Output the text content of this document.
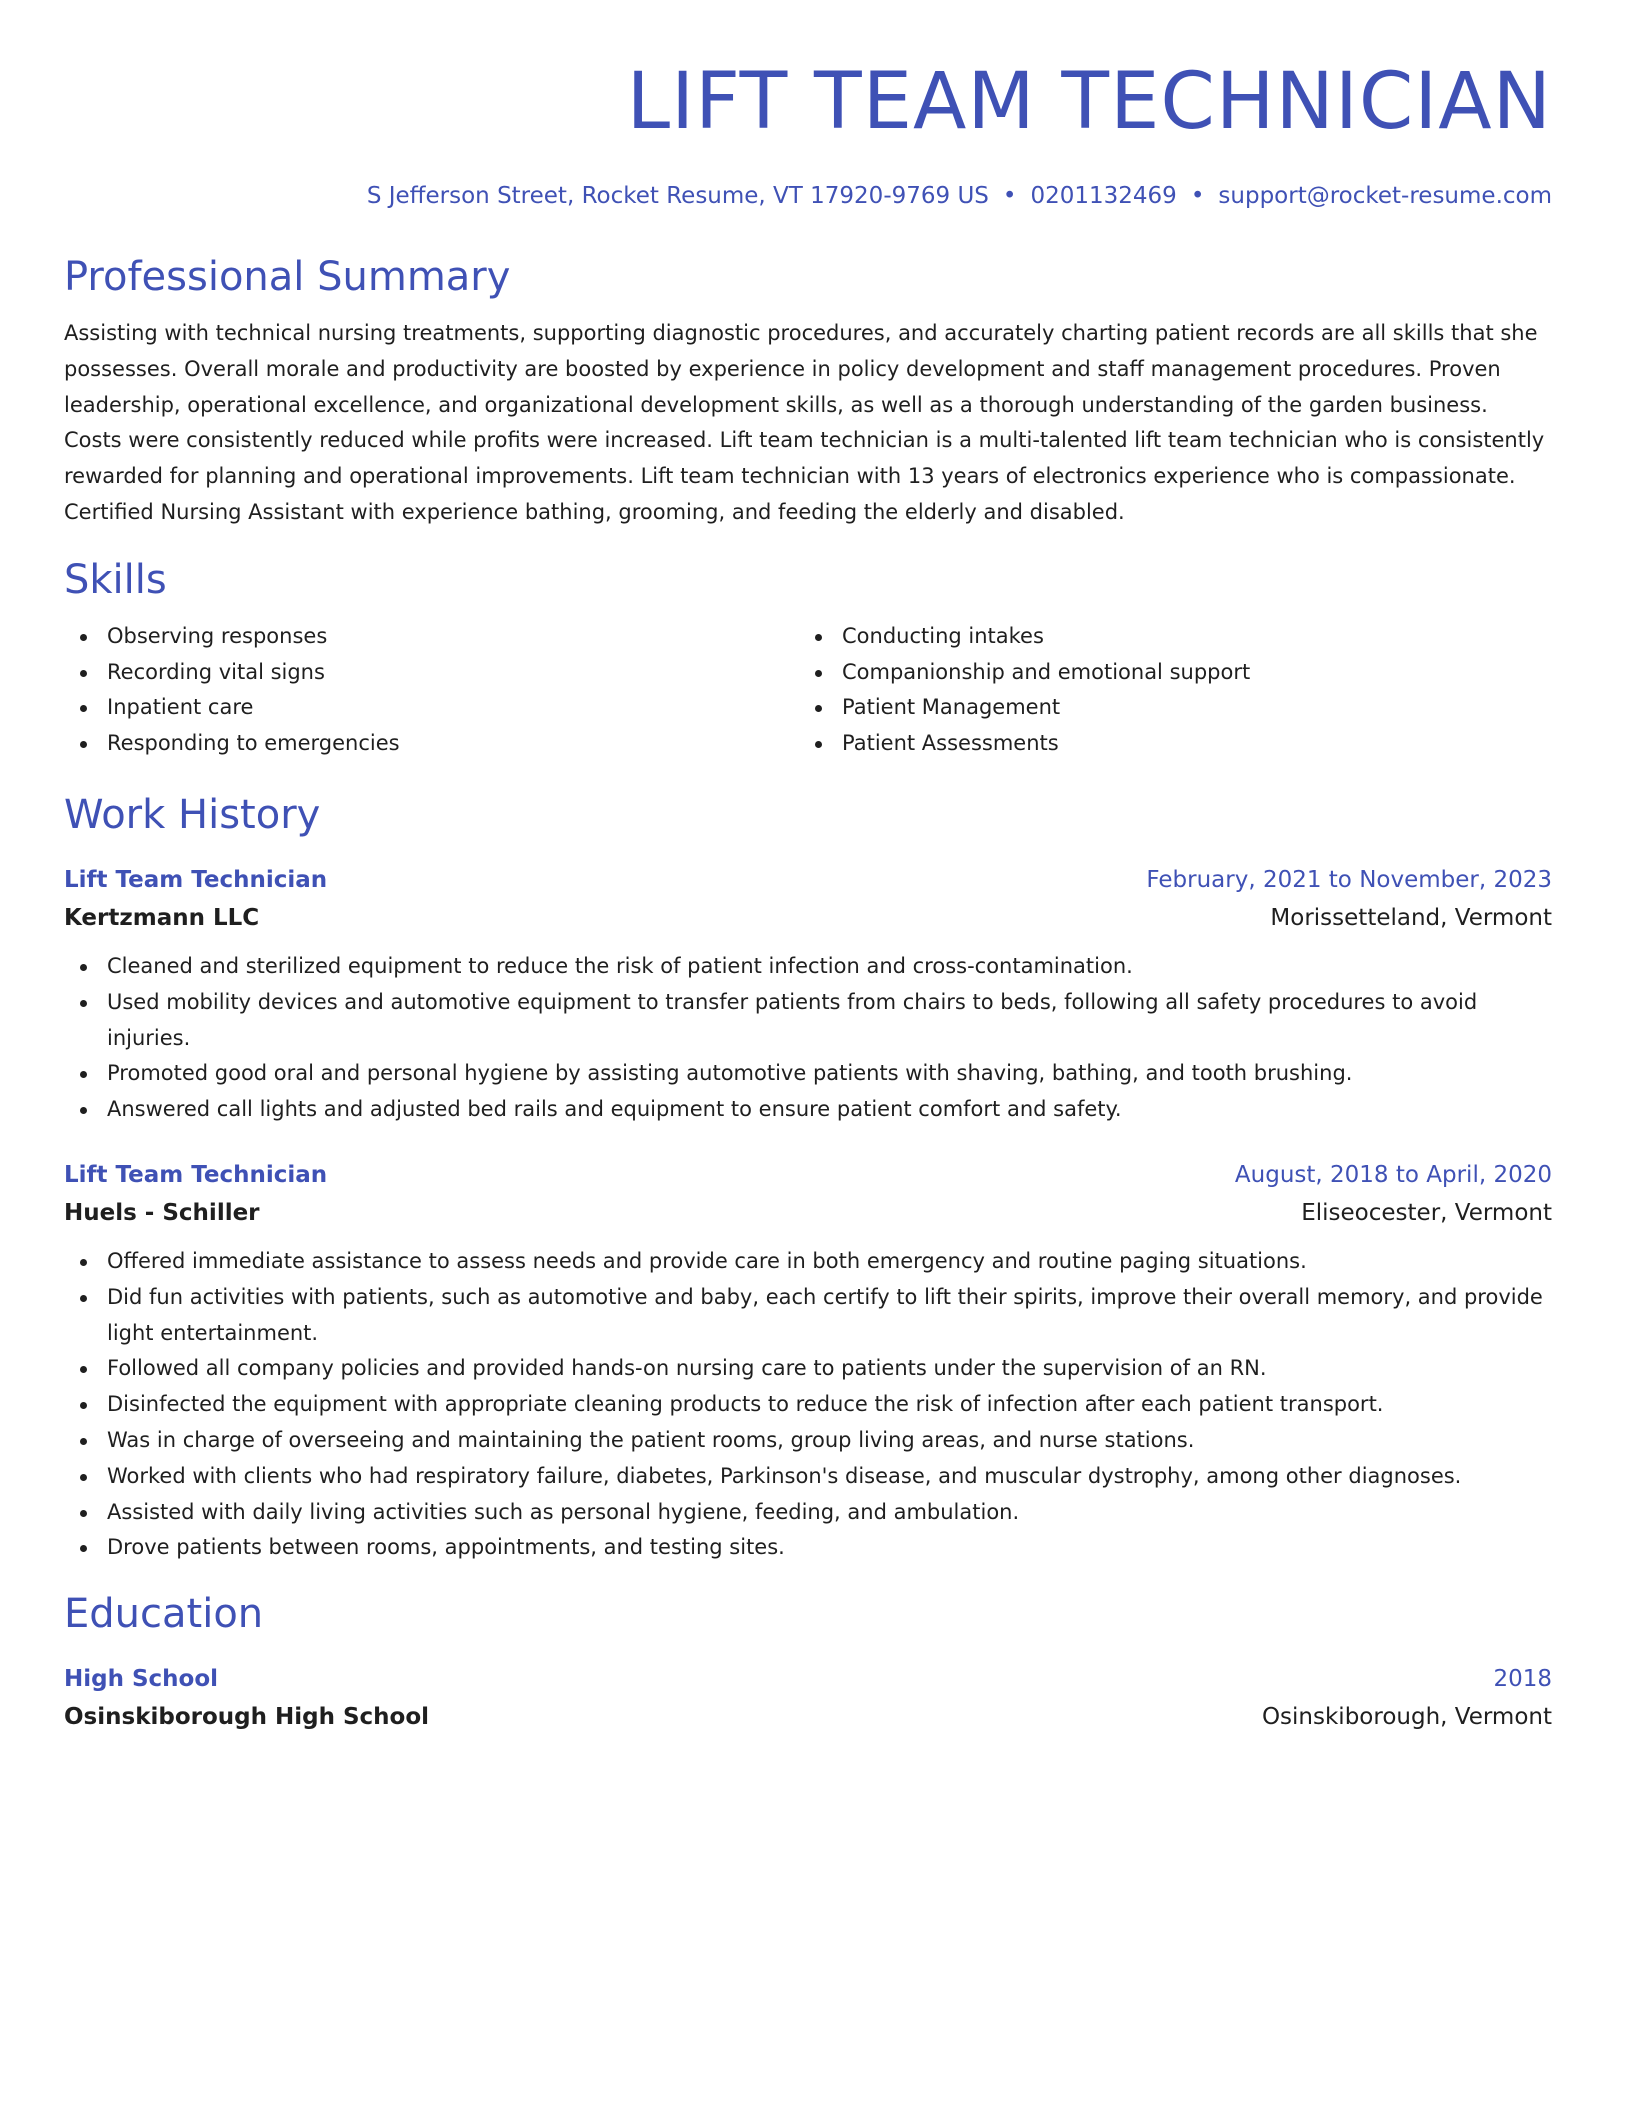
LIFT TEAM TECHNICIAN
S Jefferson Street, Rocket Resume, VT 17920-9769 US • 0201132469 • support@rocket-resume.com
Professional Summary
Assisting with technical nursing treatments, supporting diagnostic procedures, and accurately charting patient records are all skills that she possesses. Overall morale and productivity are boosted by experience in policy development and staff management procedures. Proven leadership, operational excellence, and organizational development skills, as well as a thorough understanding of the garden business. Costs were consistently reduced while profits were increased. Lift team technician is a multi-talented lift team technician who is consistently rewarded for planning and operational improvements. Lift team technician with 13 years of electronics experience who is compassionate. Certified Nursing Assistant with experience bathing, grooming, and feeding the elderly and disabled.
Skills
Observing responses
Recording vital signs
Inpatient care
Responding to emergencies
Conducting intakes
Companionship and emotional support
Patient Management
Patient Assessments
Work History
Lift Team Technician	February, 2021 to November, 2023
Kertzmann LLC	Morissetteland, Vermont
Cleaned and sterilized equipment to reduce the risk of patient infection and cross-contamination.
Used mobility devices and automotive equipment to transfer patients from chairs to beds, following all safety procedures to avoid injuries.
Promoted good oral and personal hygiene by assisting automotive patients with shaving, bathing, and tooth brushing.
Answered call lights and adjusted bed rails and equipment to ensure patient comfort and safety.
Lift Team Technician	August, 2018 to April, 2020
Huels - Schiller	Eliseocester, Vermont
Offered immediate assistance to assess needs and provide care in both emergency and routine paging situations.
Did fun activities with patients, such as automotive and baby, each certify to lift their spirits, improve their overall memory, and provide light entertainment.
Followed all company policies and provided hands-on nursing care to patients under the supervision of an RN.
Disinfected the equipment with appropriate cleaning products to reduce the risk of infection after each patient transport.
Was in charge of overseeing and maintaining the patient rooms, group living areas, and nurse stations.
Worked with clients who had respiratory failure, diabetes, Parkinson's disease, and muscular dystrophy, among other diagnoses.
Assisted with daily living activities such as personal hygiene, feeding, and ambulation.
Drove patients between rooms, appointments, and testing sites.
Education
High School	2018
Osinskiborough High School	Osinskiborough, Vermont
